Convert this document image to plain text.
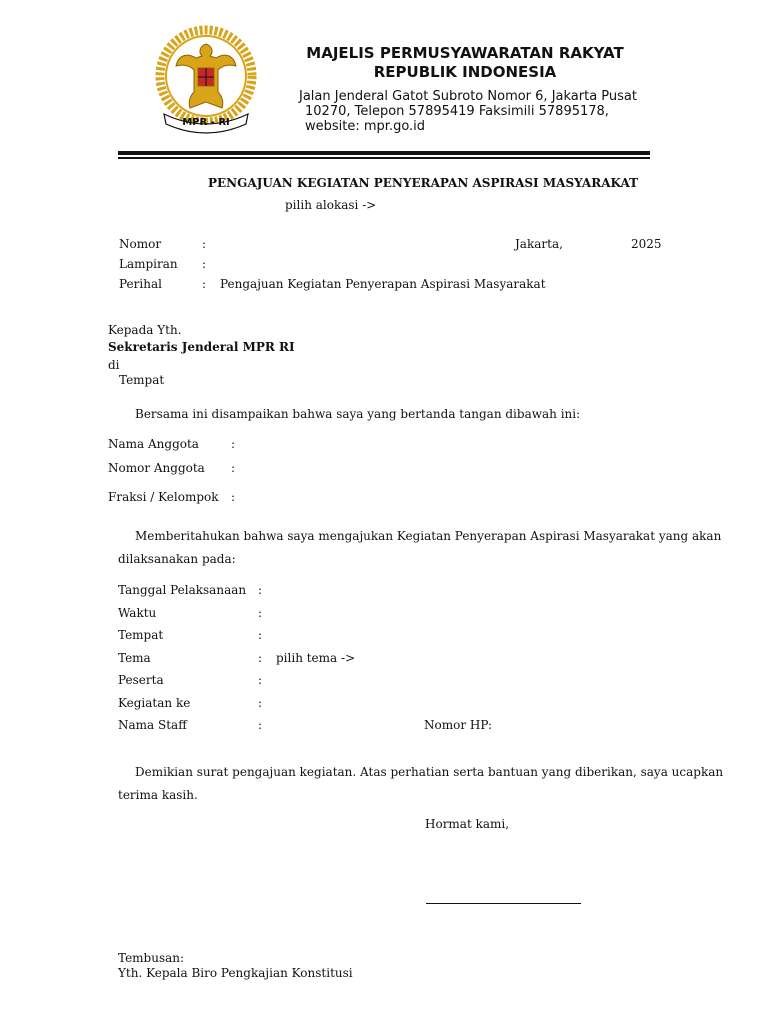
MPR - RI
MAJELIS PERMUSYAWARATAN RAKYAT
REPUBLIK INDONESIA
Jalan Jenderal Gatot Subroto Nomor 6, Jakarta Pusat
10270, Telepon 57895419 Faksimili 57895178,
website: mpr.go.id
PENGAJUAN KEGIATAN PENYERAPAN ASPIRASI MASYARAKAT
pilih alokasi ->
Nomor	:	Jakarta,	2025
Lampiran :
Perihal	: Pengajuan Kegiatan Penyerapan Aspirasi Masyarakat
Kepada Yth.
Sekretaris Jenderal MPR RI
di
Tempat
Bersama ini disampaikan bahwa saya yang bertanda tangan dibawah ini:
Nama Anggota	:
Nomor Anggota :
Fraksi / Kelompok :
Memberitahukan bahwa saya mengajukan Kegiatan Penyerapan Aspirasi Masyarakat yang akan
dilaksanakan pada:
Tanggal Pelaksanaan :
Waktu	:
Tempat	:
Tema	: pilih tema ->
Peserta	:
Kegiatan ke	:
Nama Staff	:	Nomor HP:
Demikian surat pengajuan kegiatan. Atas perhatian serta bantuan yang diberikan, saya ucapkan
terima kasih.
Hormat kami,
Tembusan:
Yth. Kepala Biro Pengkajian Konstitusi
